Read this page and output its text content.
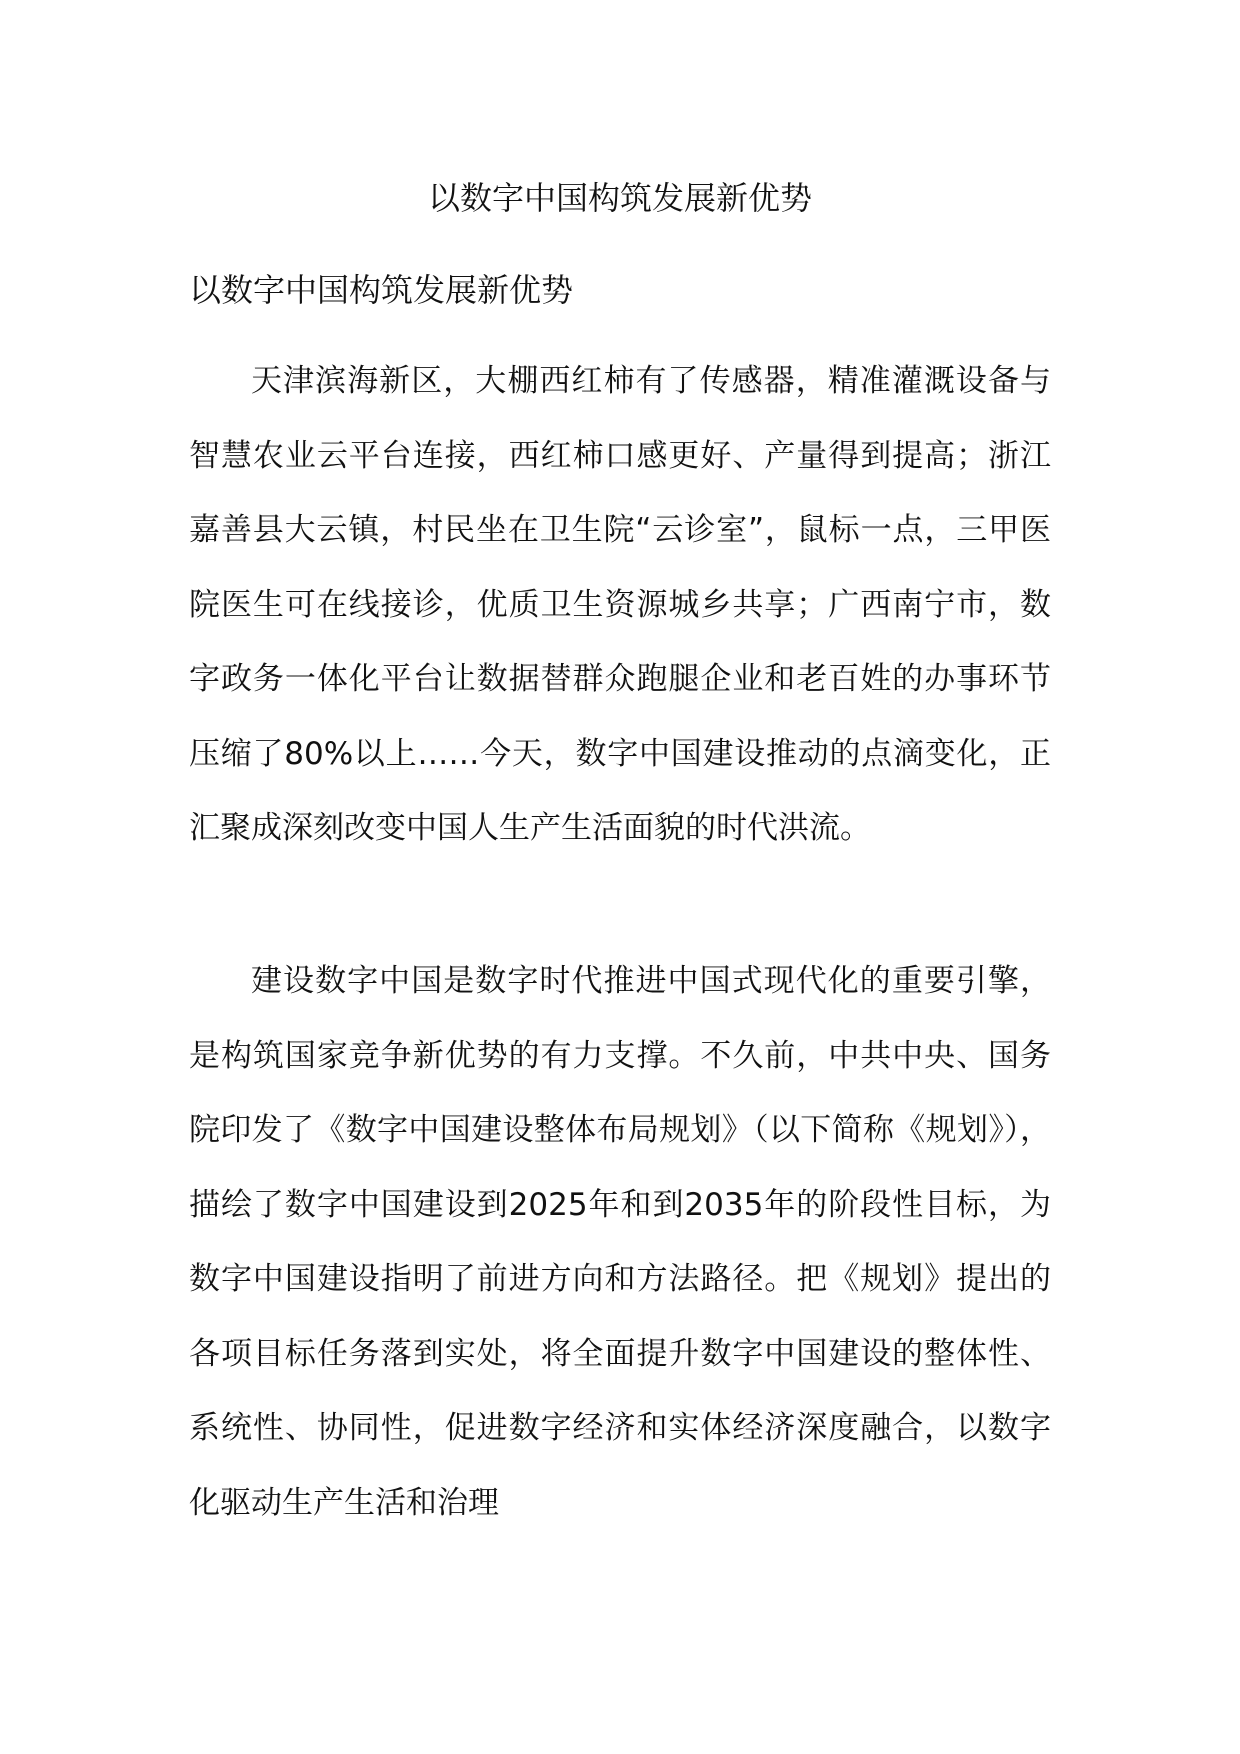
以数字中国构筑发展新优势

以数字中国构筑发展新优势

天津滨海新区，大棚西红柿有了传感器，精准灌溉设备与智慧农业云平台连接，西红柿口感更好、产量得到提高；浙江嘉善县大云镇，村民坐在卫生院“云诊室”，鼠标一点，三甲医院医生可在线接诊，优质卫生资源城乡共享；广西南宁市，数字政务一体化平台让数据替群众跑腿企业和老百姓的办事环节压缩了80%以上……今天，数字中国建设推动的点滴变化，正汇聚成深刻改变中国人生产生活面貌的时代洪流。

建设数字中国是数字时代推进中国式现代化的重要引擎，是构筑国家竞争新优势的有力支撑。不久前，中共中央、国务院印发了《数字中国建设整体布局规划》（以下简称《规划》），描绘了数字中国建设到2025年和到2035年的阶段性目标，为数字中国建设指明了前进方向和方法路径。把《规划》提出的各项目标任务落到实处，将全面提升数字中国建设的整体性、系统性、协同性，促进数字经济和实体经济深度融合，以数字化驱动生产生活和治理
